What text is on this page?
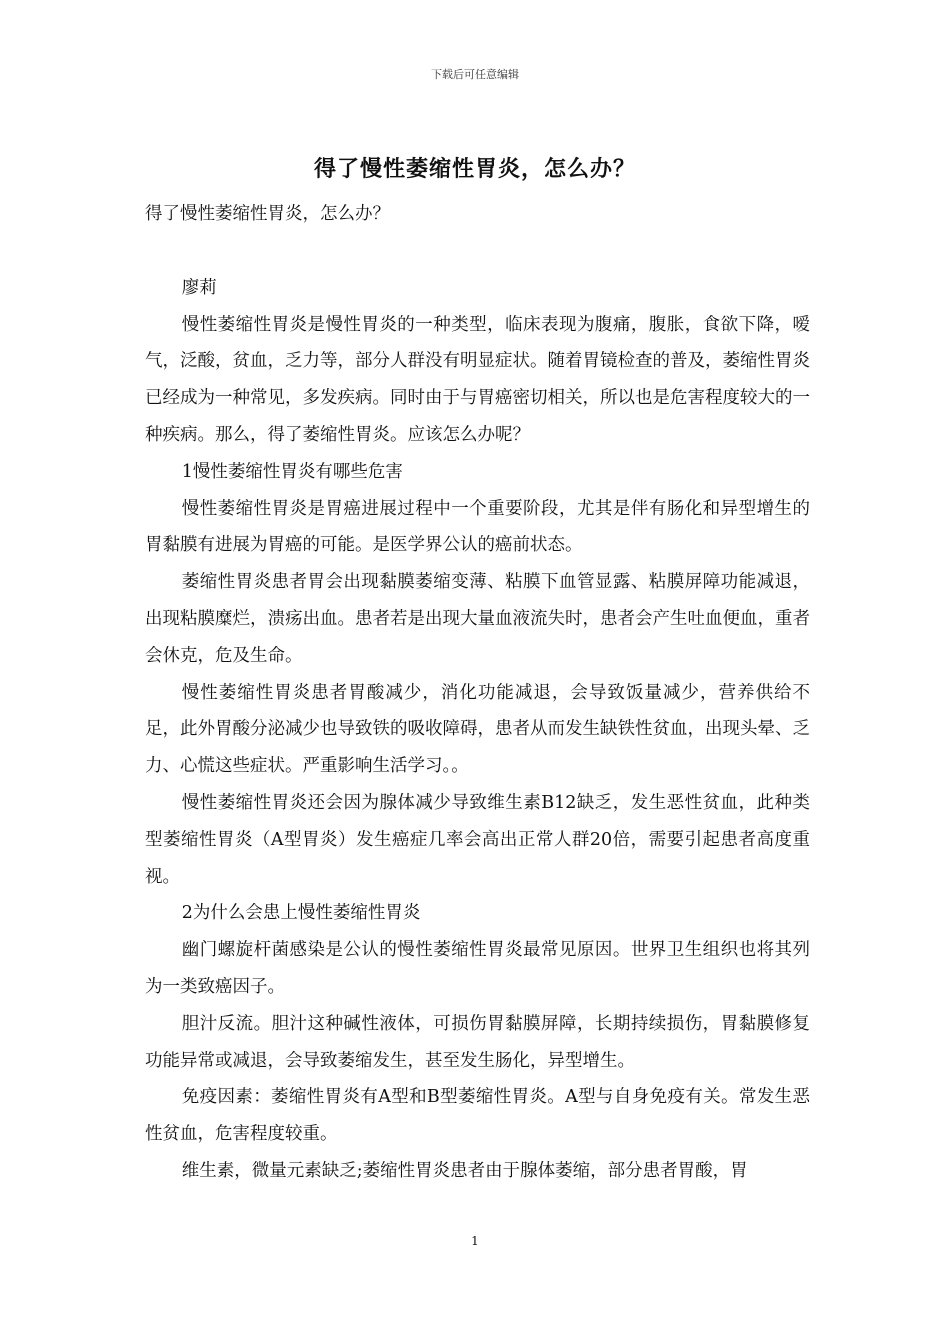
下载后可任意编辑
得了慢性萎缩性胃炎，怎么办？

得了慢性萎缩性胃炎，怎么办？

廖莉

慢性萎缩性胃炎是慢性胃炎的一种类型，临床表现为腹痛，腹胀，食欲下降，嗳气，泛酸，贫血，乏力等，部分人群没有明显症状。随着胃镜检查的普及，萎缩性胃炎已经成为一种常见，多发疾病。同时由于与胃癌密切相关，所以也是危害程度较大的一种疾病。那么，得了萎缩性胃炎。应该怎么办呢？

1慢性萎缩性胃炎有哪些危害

慢性萎缩性胃炎是胃癌进展过程中一个重要阶段，尤其是伴有肠化和异型增生的胃黏膜有进展为胃癌的可能。是医学界公认的癌前状态。

萎缩性胃炎患者胃会出现黏膜萎缩变薄、粘膜下血管显露、粘膜屏障功能减退，出现粘膜糜烂，溃疡出血。患者若是出现大量血液流失时，患者会产生吐血便血，重者会休克，危及生命。

慢性萎缩性胃炎患者胃酸减少，消化功能减退，会导致饭量减少，营养供给不足，此外胃酸分泌减少也导致铁的吸收障碍，患者从而发生缺铁性贫血，出现头晕、乏力、心慌这些症状。严重影响生活学习。。

慢性萎缩性胃炎还会因为腺体减少导致维生素B12缺乏，发生恶性贫血，此种类型萎缩性胃炎（A型胃炎）发生癌症几率会高出正常人群20倍，需要引起患者高度重视。

2为什么会患上慢性萎缩性胃炎

幽门螺旋杆菌感染是公认的慢性萎缩性胃炎最常见原因。世界卫生组织也将其列为一类致癌因子。

胆汁反流。胆汁这种碱性液体，可损伤胃黏膜屏障，长期持续损伤，胃黏膜修复功能异常或减退，会导致萎缩发生，甚至发生肠化，异型增生。

免疫因素：萎缩性胃炎有A型和B型萎缩性胃炎。A型与自身免疫有关。常发生恶性贫血，危害程度较重。

维生素，微量元素缺乏;萎缩性胃炎患者由于腺体萎缩，部分患者胃酸，胃

1
